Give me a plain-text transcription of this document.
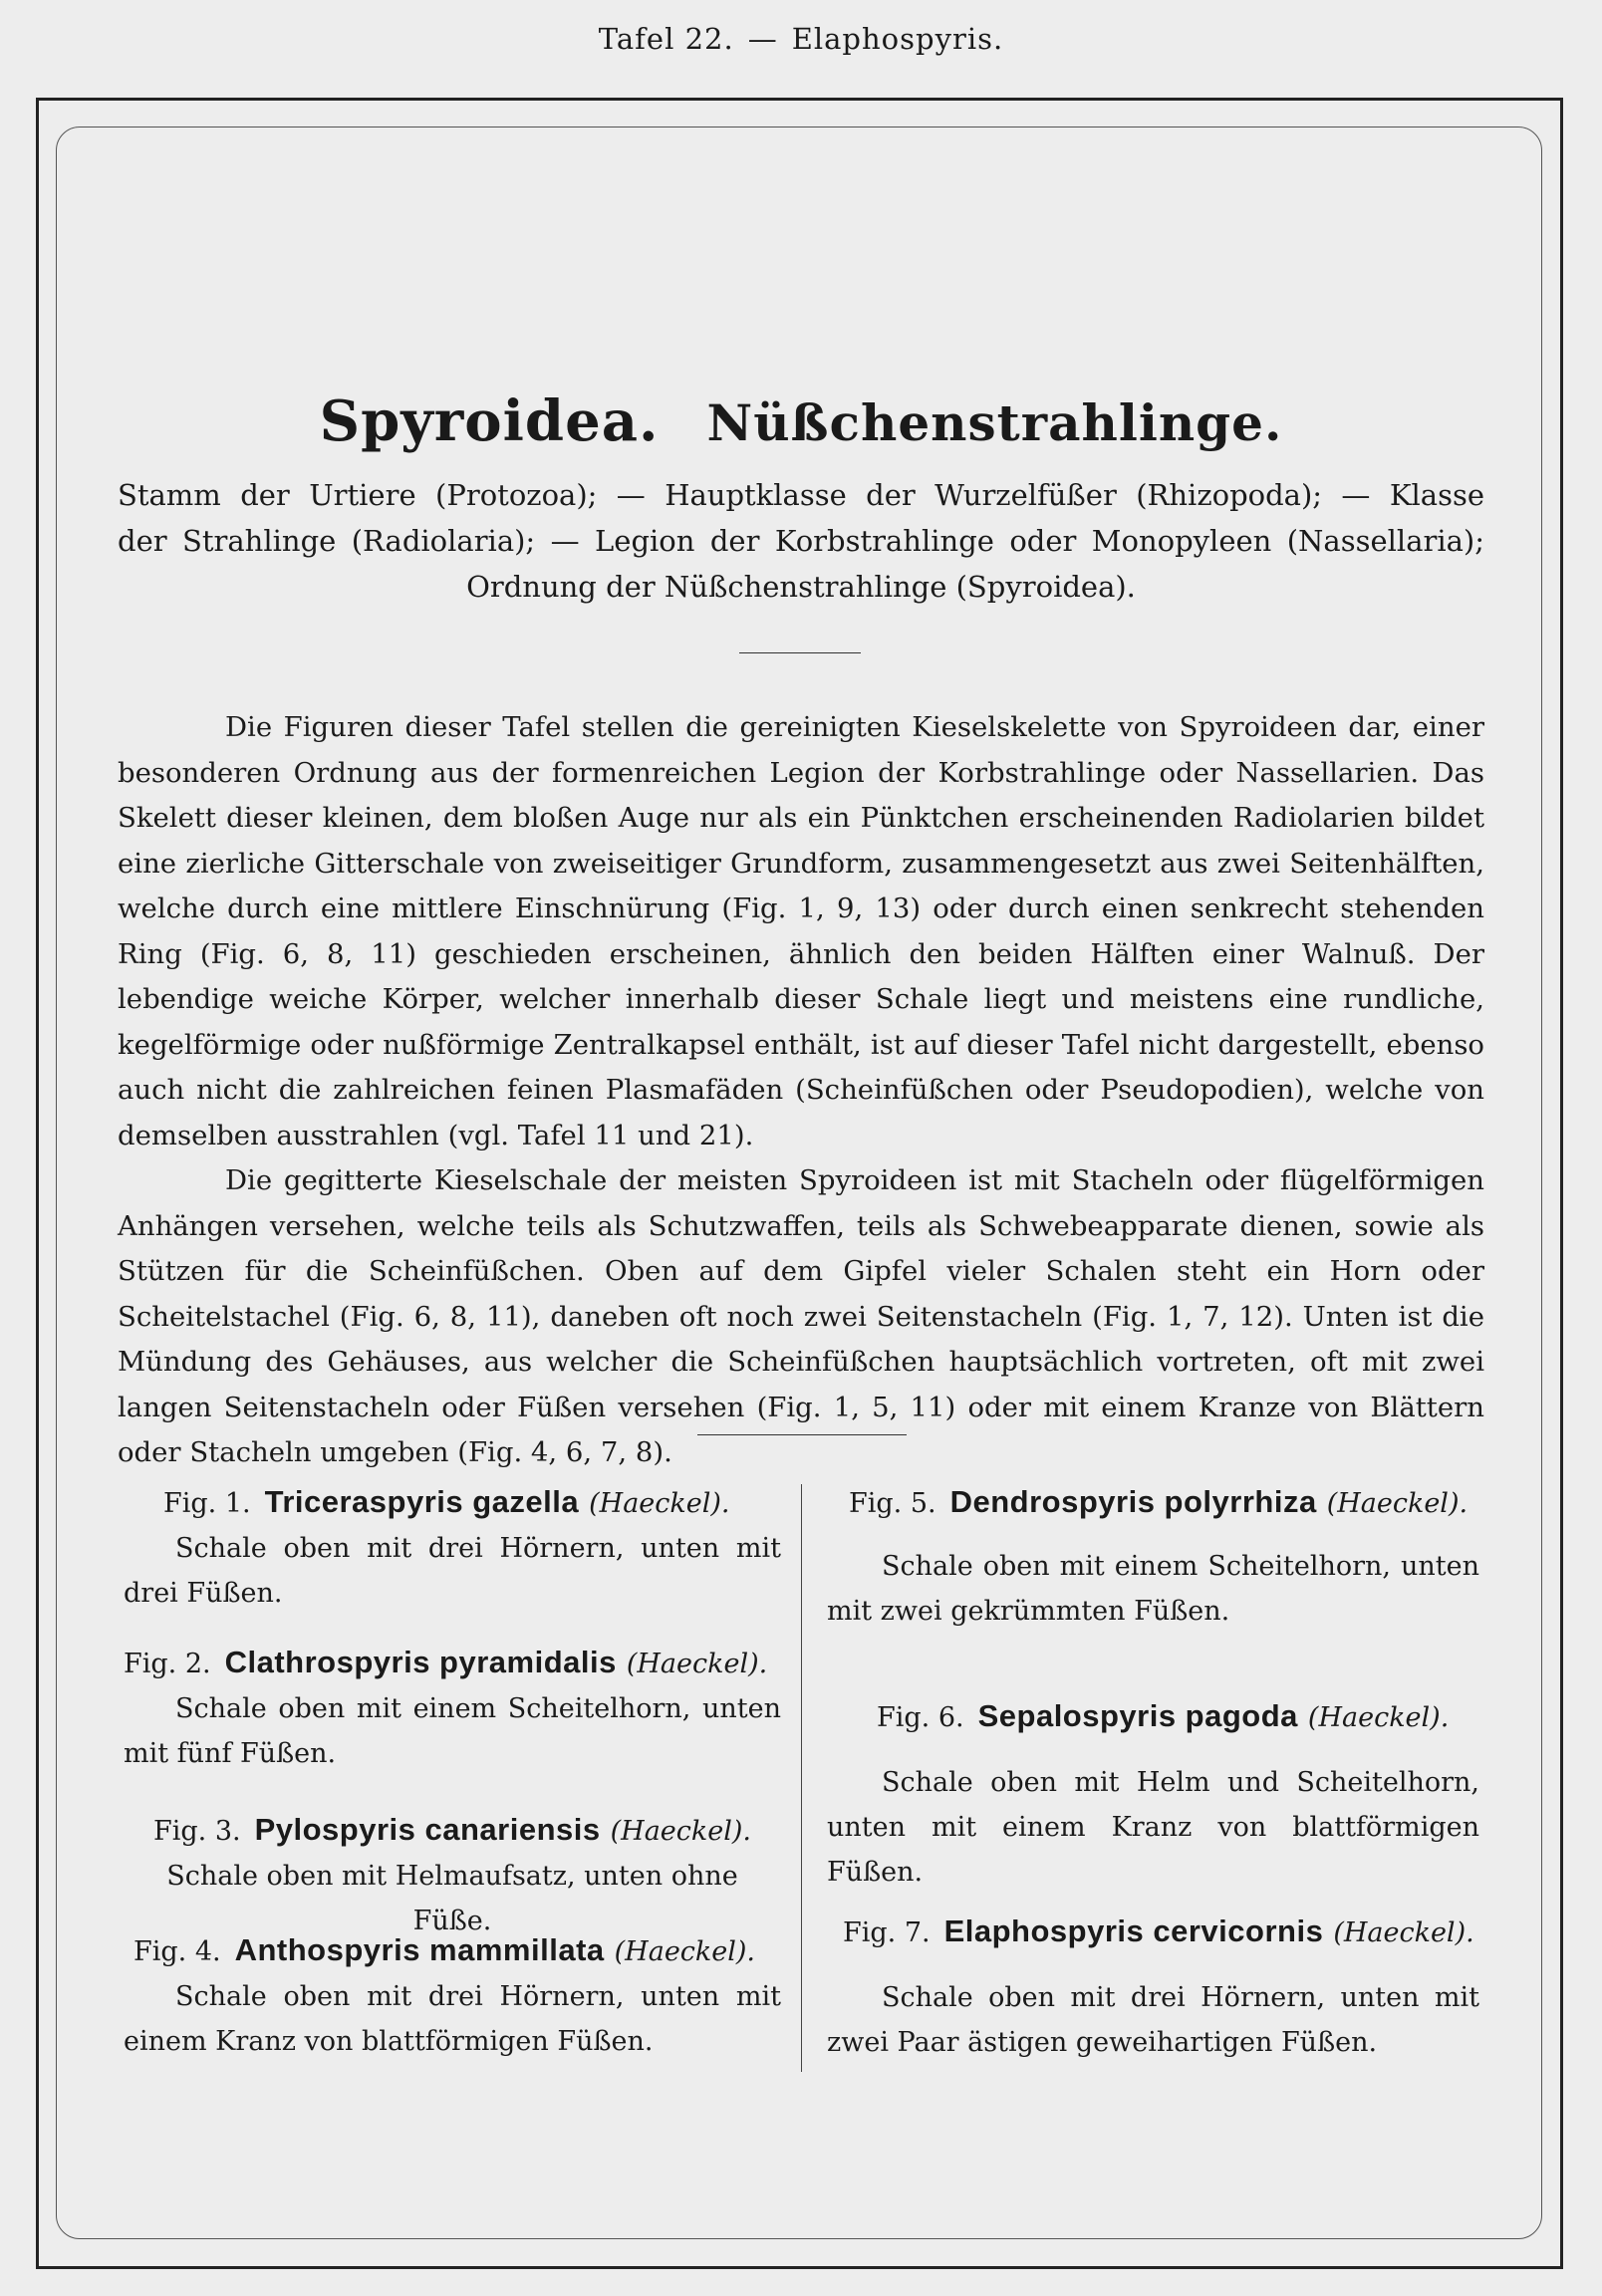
Tafel 22. — Elaphospyris.
Spyroidea. Nüßchenstrahlinge.
Stamm der Urtiere (Protozoa); — Hauptklasse der Wurzelfüßer (Rhizopoda); — Klasse
der Strahlinge (Radiolaria); — Legion der Korbstrahlinge oder Monopyleen (Nassellaria);
Ordnung der Nüßchenstrahlinge (Spyroidea).

Die Figuren dieser Tafel stellen die gereinigten Kieselskelette von Spyroideen dar, einer besonderen Ordnung aus der formenreichen Legion der Korbstrahlinge oder Nassellarien. Das Skelett dieser kleinen, dem bloßen Auge nur als ein Pünktchen erscheinenden Radiolarien bildet eine zierliche Gitterschale von zweiseitiger Grundform, zusammengesetzt aus zwei Seitenhälften, welche durch eine mittlere Einschnürung (Fig. 1, 9, 13) oder durch einen senkrecht stehenden Ring (Fig. 6, 8, 11) geschieden erscheinen, ähnlich den beiden Hälften einer Walnuß. Der lebendige weiche Körper, welcher innerhalb dieser Schale liegt und meistens eine rundliche, kegelförmige oder nußförmige Zentralkapsel enthält, ist auf dieser Tafel nicht dargestellt, ebenso auch nicht die zahlreichen feinen Plasmafäden (Scheinfüßchen oder Pseudopodien), welche von demselben ausstrahlen (vgl. Tafel 11 und 21).

Die gegitterte Kieselschale der meisten Spyroideen ist mit Stacheln oder flügelförmigen Anhängen versehen, welche teils als Schutzwaffen, teils als Schwebeapparate dienen, sowie als Stützen für die Scheinfüßchen. Oben auf dem Gipfel vieler Schalen steht ein Horn oder Scheitelstachel (Fig. 6, 8, 11), daneben oft noch zwei Seitenstacheln (Fig. 1, 7, 12). Unten ist die Mündung des Gehäuses, aus welcher die Scheinfüßchen hauptsächlich vortreten, oft mit zwei langen Seitenstacheln oder Füßen versehen (Fig. 1, 5, 11) oder mit einem Kranze von Blättern oder Stacheln umgeben (Fig. 4, 6, 7, 8).

Fig. 1. Triceraspyris gazella (Haeckel).
Schale oben mit drei Hörnern, unten mit drei Füßen.
Fig. 2. Clathrospyris pyramidalis (Haeckel).
Schale oben mit einem Scheitelhorn, unten mit fünf Füßen.
Fig. 3. Pylospyris canariensis (Haeckel).
Schale oben mit Helmaufsatz, unten ohne Füße.
Fig. 4. Anthospyris mammillata (Haeckel).
Schale oben mit drei Hörnern, unten mit einem Kranz von blattförmigen Füßen.
Fig. 5. Dendrospyris polyrrhiza (Haeckel).
Schale oben mit einem Scheitelhorn, unten mit zwei gekrümmten Füßen.
Fig. 6. Sepalospyris pagoda (Haeckel).
Schale oben mit Helm und Scheitelhorn, unten mit einem Kranz von blattförmigen Füßen.
Fig. 7. Elaphospyris cervicornis (Haeckel).
Schale oben mit drei Hörnern, unten mit zwei Paar ästigen geweihartigen Füßen.
